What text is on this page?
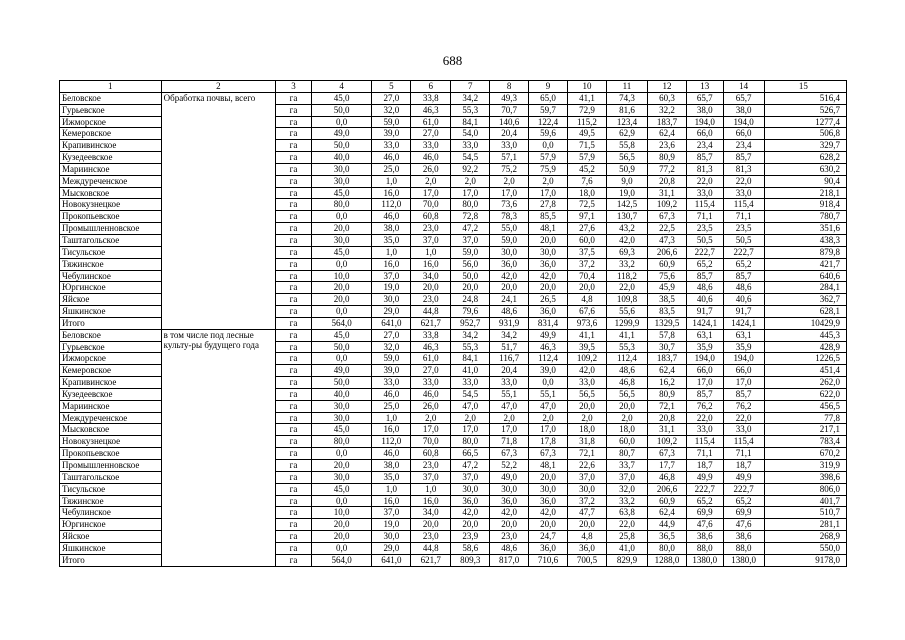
688
1	2	3	4	5	6	7	8	9	10	11	12	13	14	15
Беловское	Обработка почвы, всего	га	45,0	27,0	33,8	34,2	49,3	65,0	41,1	74,3	60,3	65,7	65,7	516,4
Гурьевское		га	50,0	32,0	46,3	55,3	70,7	59,7	72,9	81,6	32,2	38,0	38,0	526,7
Ижморское		га	0,0	59,0	61,0	84,1	140,6	122,4	115,2	123,4	183,7	194,0	194,0	1277,4
Кемеровское		га	49,0	39,0	27,0	54,0	20,4	59,6	49,5	62,9	62,4	66,0	66,0	506,8
Крапивинское		га	50,0	33,0	33,0	33,0	33,0	0,0	71,5	55,8	23,6	23,4	23,4	329,7
Кузедеевское		га	40,0	46,0	46,0	54,5	57,1	57,9	57,9	56,5	80,9	85,7	85,7	628,2
Мариинское		га	30,0	25,0	26,0	92,2	75,2	75,9	45,2	50,9	77,2	81,3	81,3	630,2
Междуреченское		га	30,0	1,0	2,0	2,0	2,0	2,0	7,6	9,0	20,8	22,0	22,0	90,4
Мысковское		га	45,0	16,0	17,0	17,0	17,0	17,0	18,0	19,0	31,1	33,0	33,0	218,1
Новокузнецкое		га	80,0	112,0	70,0	80,0	73,6	27,8	72,5	142,5	109,2	115,4	115,4	918,4
Прокопьевское		га	0,0	46,0	60,8	72,8	78,3	85,5	97,1	130,7	67,3	71,1	71,1	780,7
Промышленновское		га	20,0	38,0	23,0	47,2	55,0	48,1	27,6	43,2	22,5	23,5	23,5	351,6
Таштагольское		га	30,0	35,0	37,0	37,0	59,0	20,0	60,0	42,0	47,3	50,5	50,5	438,3
Тисульское		га	45,0	1,0	1,0	59,0	30,0	30,0	37,5	69,3	206,6	222,7	222,7	879,8
Тяжинское		га	0,0	16,0	16,0	56,0	36,0	36,0	37,2	33,2	60,9	65,2	65,2	421,7
Чебулинское		га	10,0	37,0	34,0	50,0	42,0	42,0	70,4	118,2	75,6	85,7	85,7	640,6
Юргинское		га	20,0	19,0	20,0	20,0	20,0	20,0	20,0	22,0	45,9	48,6	48,6	284,1
Яйское		га	20,0	30,0	23,0	24,8	24,1	26,5	4,8	109,8	38,5	40,6	40,6	362,7
Яшкинское		га	0,0	29,0	44,8	79,6	48,6	36,0	67,6	55,6	83,5	91,7	91,7	628,1
Итого		га	564,0	641,0	621,7	952,7	931,9	831,4	973,6	1299,9	1329,5	1424,1	1424,1	10429,9
Беловское	в том числе под лесные культу-ры будущего года	га	45,0	27,0	33,8	34,2	34,2	49,9	41,1	41,1	57,8	63,1	63,1	445,3
Гурьевское		га	50,0	32,0	46,3	55,3	51,7	46,3	39,5	55,3	30,7	35,9	35,9	428,9
Ижморское		га	0,0	59,0	61,0	84,1	116,7	112,4	109,2	112,4	183,7	194,0	194,0	1226,5
Кемеровское		га	49,0	39,0	27,0	41,0	20,4	39,0	42,0	48,6	62,4	66,0	66,0	451,4
Крапивинское		га	50,0	33,0	33,0	33,0	33,0	0,0	33,0	46,8	16,2	17,0	17,0	262,0
Кузедеевское		га	40,0	46,0	46,0	54,5	55,1	55,1	56,5	56,5	80,9	85,7	85,7	622,0
Мариинское		га	30,0	25,0	26,0	47,0	47,0	47,0	20,0	20,0	72,1	76,2	76,2	456,5
Междуреченское		га	30,0	1,0	2,0	2,0	2,0	2,0	2,0	2,0	20,8	22,0	22,0	77,8
Мысковское		га	45,0	16,0	17,0	17,0	17,0	17,0	18,0	18,0	31,1	33,0	33,0	217,1
Новокузнецкое		га	80,0	112,0	70,0	80,0	71,8	17,8	31,8	60,0	109,2	115,4	115,4	783,4
Прокопьевское		га	0,0	46,0	60,8	66,5	67,3	67,3	72,1	80,7	67,3	71,1	71,1	670,2
Промышленновское		га	20,0	38,0	23,0	47,2	52,2	48,1	22,6	33,7	17,7	18,7	18,7	319,9
Таштагольское		га	30,0	35,0	37,0	37,0	49,0	20,0	37,0	37,0	46,8	49,9	49,9	398,6
Тисульское		га	45,0	1,0	1,0	30,0	30,0	30,0	30,0	32,0	206,6	222,7	222,7	806,0
Тяжинское		га	0,0	16,0	16,0	36,0	36,0	36,0	37,2	33,2	60,9	65,2	65,2	401,7
Чебулинское		га	10,0	37,0	34,0	42,0	42,0	42,0	47,7	63,8	62,4	69,9	69,9	510,7
Юргинское		га	20,0	19,0	20,0	20,0	20,0	20,0	20,0	22,0	44,9	47,6	47,6	281,1
Яйское		га	20,0	30,0	23,0	23,9	23,0	24,7	4,8	25,8	36,5	38,6	38,6	268,9
Яшкинское		га	0,0	29,0	44,8	58,6	48,6	36,0	36,0	41,0	80,0	88,0	88,0	550,0
Итого		га	564,0	641,0	621,7	809,3	817,0	710,6	700,5	829,9	1288,0	1380,0	1380,0	9178,0
